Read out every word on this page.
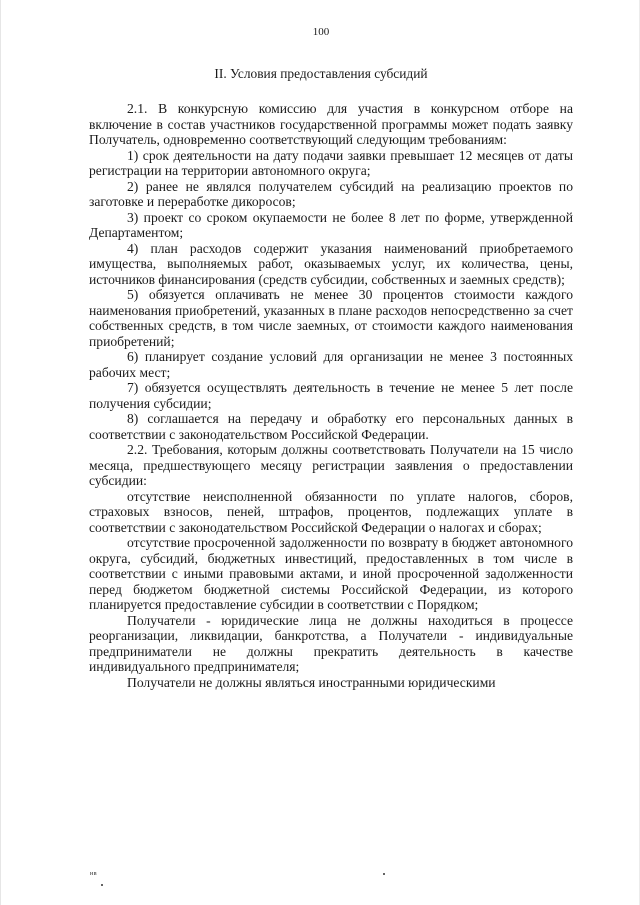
100
II. Условия предоставления субсидий

2.1. В конкурсную комиссию для участия в конкурсном отборе на включение в состав участников государственной программы может подать заявку Получатель, одновременно соответствующий следующим требованиям:

1) срок деятельности на дату подачи заявки превышает 12 месяцев от даты регистрации на территории автономного округа;

2) ранее не являлся получателем субсидий на реализацию проектов по заготовке и переработке дикоросов;

3) проект со сроком окупаемости не более 8 лет по форме, утвержденной Департаментом;

4) план расходов содержит указания наименований приобретаемого имущества, выполняемых работ, оказываемых услуг, их количества, цены, источников финансирования (средств субсидии, собственных и заемных средств);

5) обязуется оплачивать не менее 30 процентов стоимости каждого наименования приобретений, указанных в плане расходов непосредственно за счет собственных средств, в том числе заемных, от стоимости каждого наименования приобретений;

6) планирует создание условий для организации не менее 3 постоянных рабочих мест;

7) обязуется осуществлять деятельность в течение не менее 5 лет после получения субсидии;

8) соглашается на передачу и обработку его персональных данных в соответствии с законодательством Российской Федерации.

2.2. Требования, которым должны соответствовать Получатели на 15 число месяца, предшествующего месяцу регистрации заявления о предоставлении субсидии:

отсутствие неисполненной обязанности по уплате налогов, сборов, страховых взносов, пеней, штрафов, процентов, подлежащих уплате в соответствии с законодательством Российской Федерации о налогах и сборах;

отсутствие просроченной задолженности по возврату в бюджет автономного округа, субсидий, бюджетных инвестиций, предоставленных в том числе в соответствии с иными правовыми актами, и иной просроченной задолженности перед бюджетом бюджетной системы Российской Федерации, из которого планируется предоставление субсидии в соответствии с Порядком;

Получатели - юридические лица не должны находиться в процессе реорганизации, ликвидации, банкротства, а Получатели - индивидуальные предприниматели не должны прекратить деятельность в качестве индивидуального предпринимателя;

Получатели не должны являться иностранными юридическими

нв
